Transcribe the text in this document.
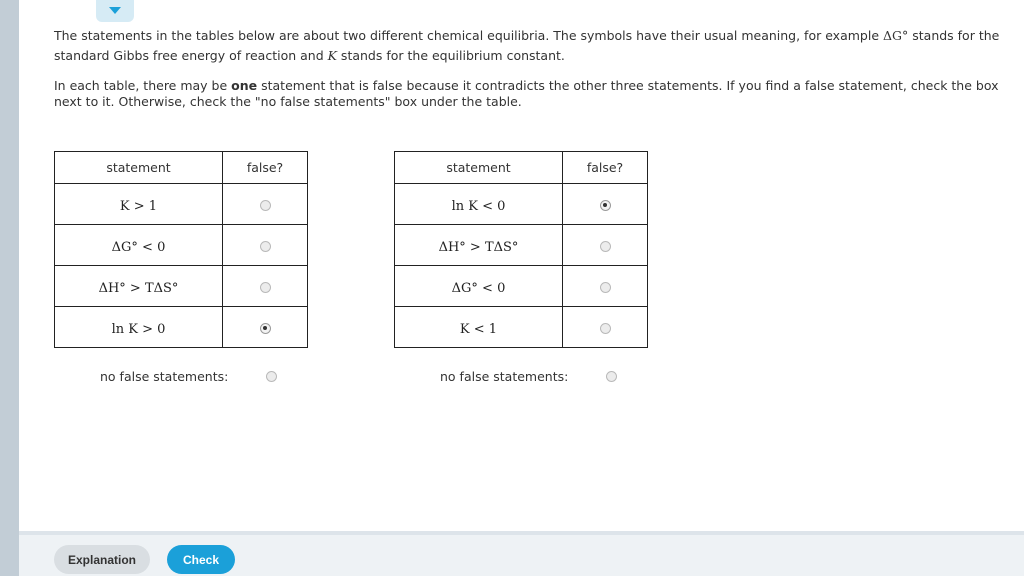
The statements in the tables below are about two different chemical equilibria. The symbols have their usual meaning, for example ΔG° stands for the standard Gibbs free energy of reaction and K stands for the equilibrium constant.

In each table, there may be one statement that is false because it contradicts the other three statements. If you find a false statement, check the box next to it. Otherwise, check the "no false statements" box under the table.

statement	false?
K > 1	
ΔG° < 0	
ΔH° > TΔS°	
ln K > 0	
no false statements:
statement	false?
ln K < 0	
ΔH° > TΔS°	
ΔG° < 0	
K < 1	
no false statements:
Explanation	Check
